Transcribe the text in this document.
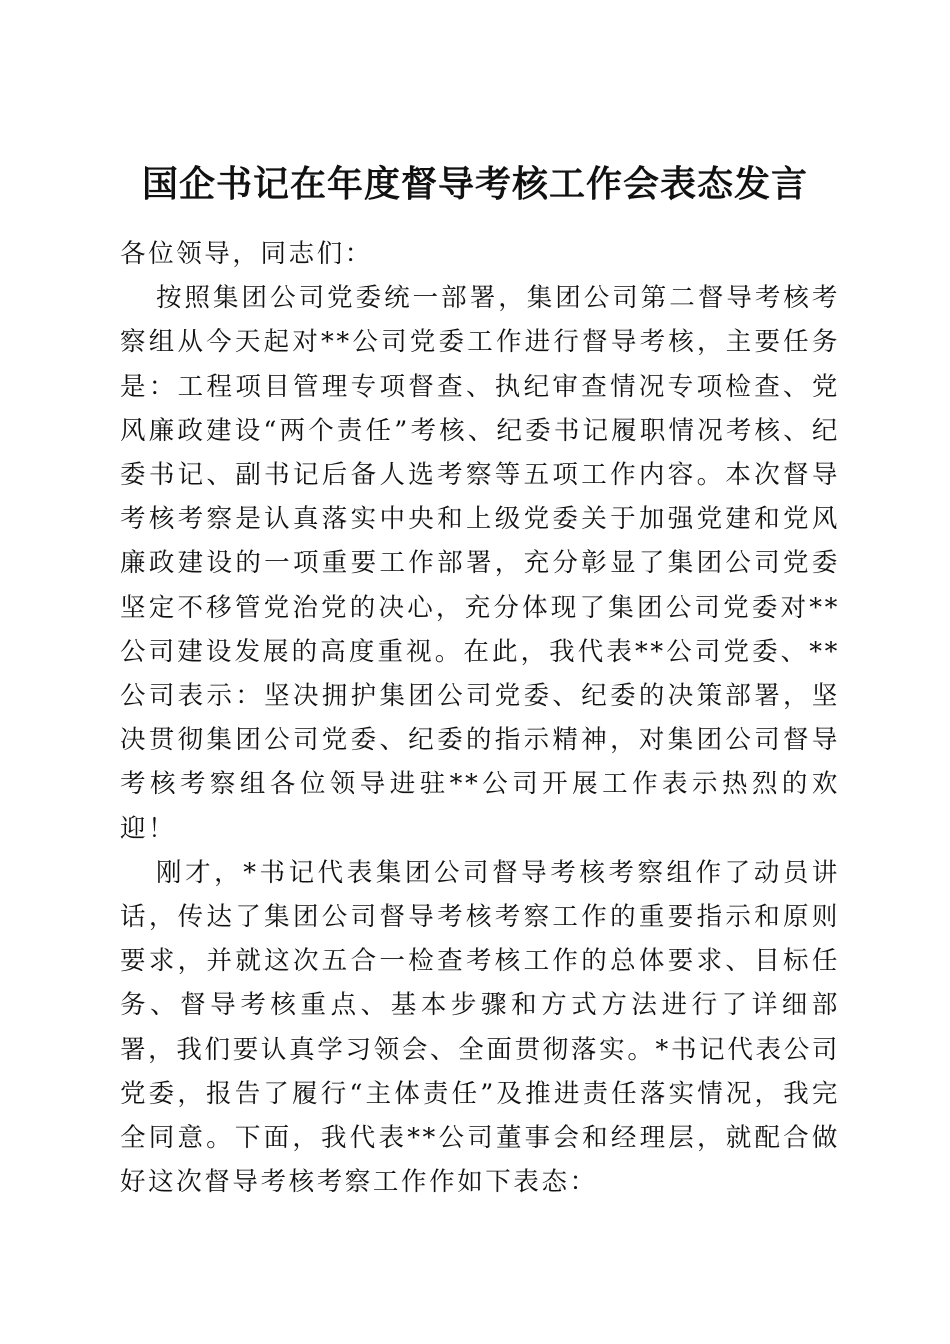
国企书记在年度督导考核工作会表态发言

各位领导，同志们：

按照集团公司党委统一部署，集团公司第二督导考核考察组从今天起对**公司党委工作进行督导考核，主要任务是：工程项目管理专项督查、执纪审查情况专项检查、党风廉政建设“两个责任”考核、纪委书记履职情况考核、纪委书记、副书记后备人选考察等五项工作内容。本次督导考核考察是认真落实中央和上级党委关于加强党建和党风廉政建设的一项重要工作部署，充分彰显了集团公司党委坚定不移管党治党的决心，充分体现了集团公司党委对**公司建设发展的高度重视。在此，我代表**公司党委、**公司表示：坚决拥护集团公司党委、纪委的决策部署，坚决贯彻集团公司党委、纪委的指示精神，对集团公司督导考核考察组各位领导进驻**公司开展工作表示热烈的欢迎！

刚才，*书记代表集团公司督导考核考察组作了动员讲话，传达了集团公司督导考核考察工作的重要指示和原则要求，并就这次五合一检查考核工作的总体要求、目标任务、督导考核重点、基本步骤和方式方法进行了详细部署，我们要认真学习领会、全面贯彻落实。*书记代表公司党委，报告了履行“主体责任”及推进责任落实情况，我完全同意。下面，我代表**公司董事会和经理层，就配合做好这次督导考核考察工作作如下表态：
